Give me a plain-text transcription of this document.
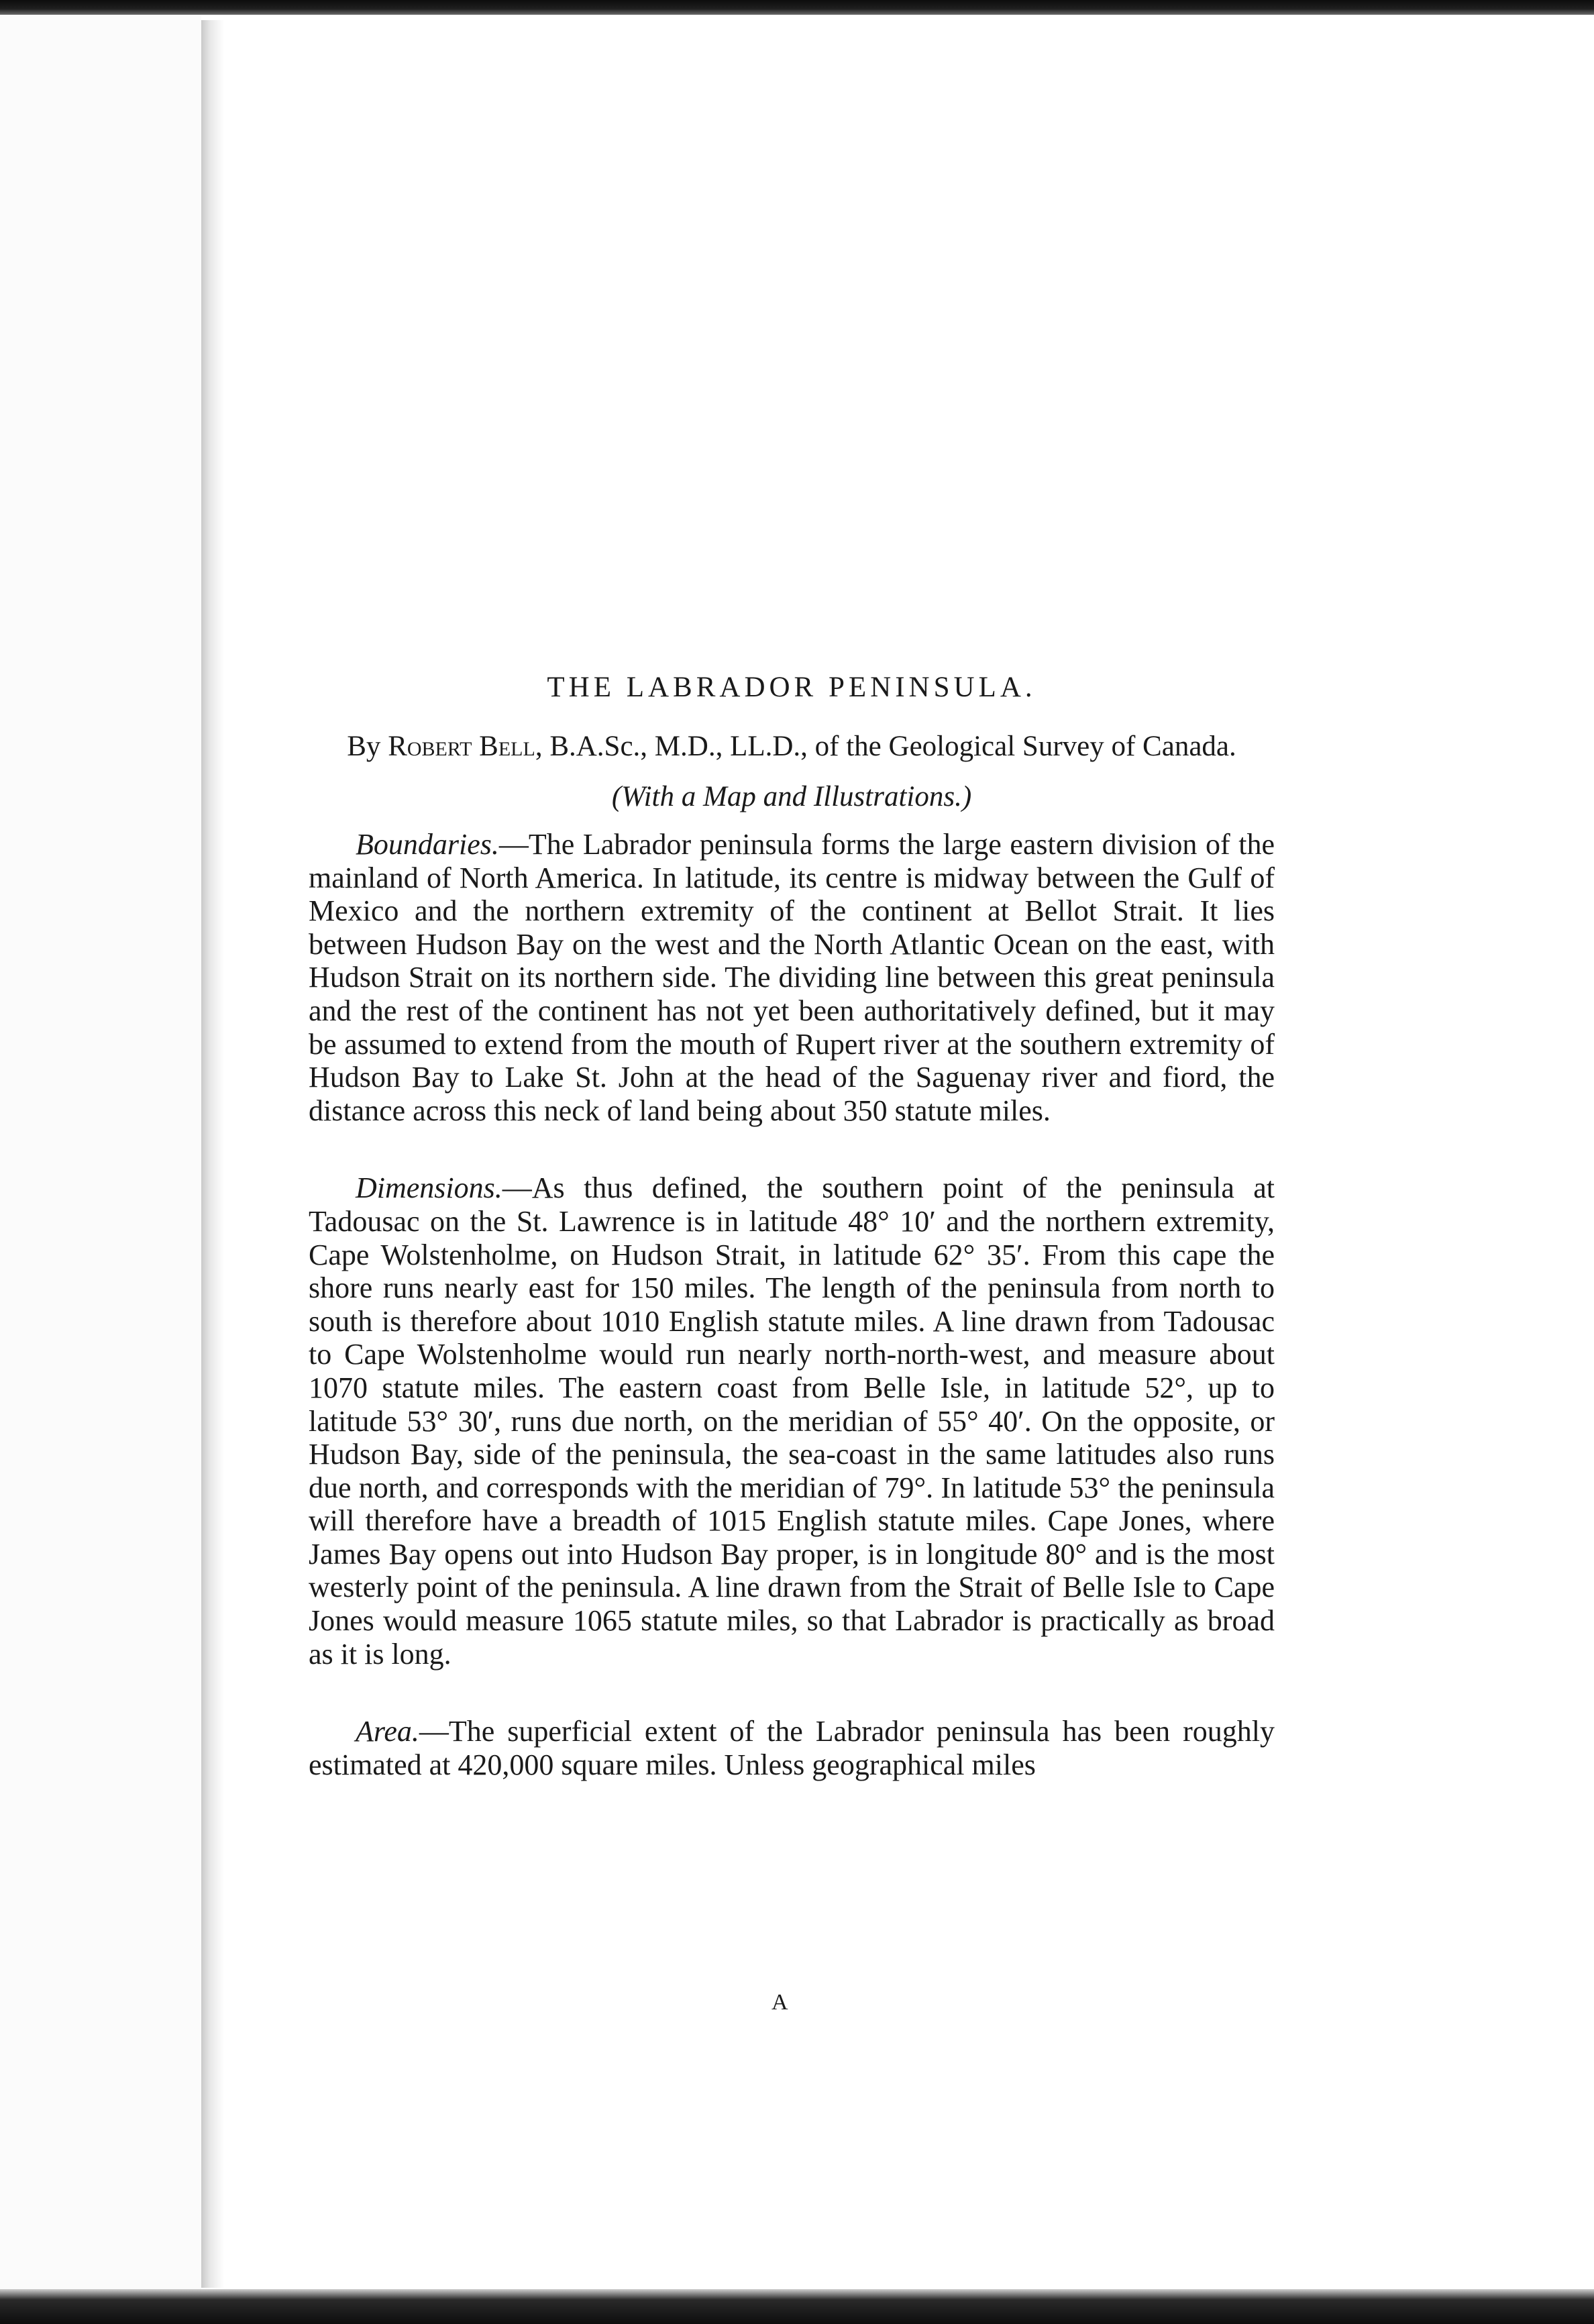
THE LABRADOR PENINSULA.

By Robert Bell, B.A.Sc., M.D., LL.D., of the Geological Survey of Canada.

(With a Map and Illustrations.)

Boundaries.—The Labrador peninsula forms the large eastern division of the mainland of North America. In latitude, its centre is midway between the Gulf of Mexico and the northern extremity of the continent at Bellot Strait. It lies between Hudson Bay on the west and the North Atlantic Ocean on the east, with Hudson Strait on its northern side. The dividing line between this great peninsula and the rest of the continent has not yet been authoritatively defined, but it may be assumed to extend from the mouth of Rupert river at the southern extremity of Hudson Bay to Lake St. John at the head of the Saguenay river and fiord, the distance across this neck of land being about 350 statute miles.

Dimensions.—As thus defined, the southern point of the peninsula at Tadousac on the St. Lawrence is in latitude 48° 10′ and the northern extremity, Cape Wolstenholme, on Hudson Strait, in latitude 62° 35′. From this cape the shore runs nearly east for 150 miles. The length of the peninsula from north to south is therefore about 1010 English statute miles. A line drawn from Tadousac to Cape Wolstenholme would run nearly north-north-west, and measure about 1070 statute miles. The eastern coast from Belle Isle, in latitude 52°, up to latitude 53° 30′, runs due north, on the meridian of 55° 40′. On the opposite, or Hudson Bay, side of the peninsula, the sea-coast in the same latitudes also runs due north, and corresponds with the meridian of 79°. In latitude 53° the peninsula will therefore have a breadth of 1015 English statute miles. Cape Jones, where James Bay opens out into Hudson Bay proper, is in longitude 80° and is the most westerly point of the peninsula. A line drawn from the Strait of Belle Isle to Cape Jones would measure 1065 statute miles, so that Labrador is practically as broad as it is long.

Area.—The superficial extent of the Labrador peninsula has been roughly estimated at 420,000 square miles. Unless geographical miles

A
